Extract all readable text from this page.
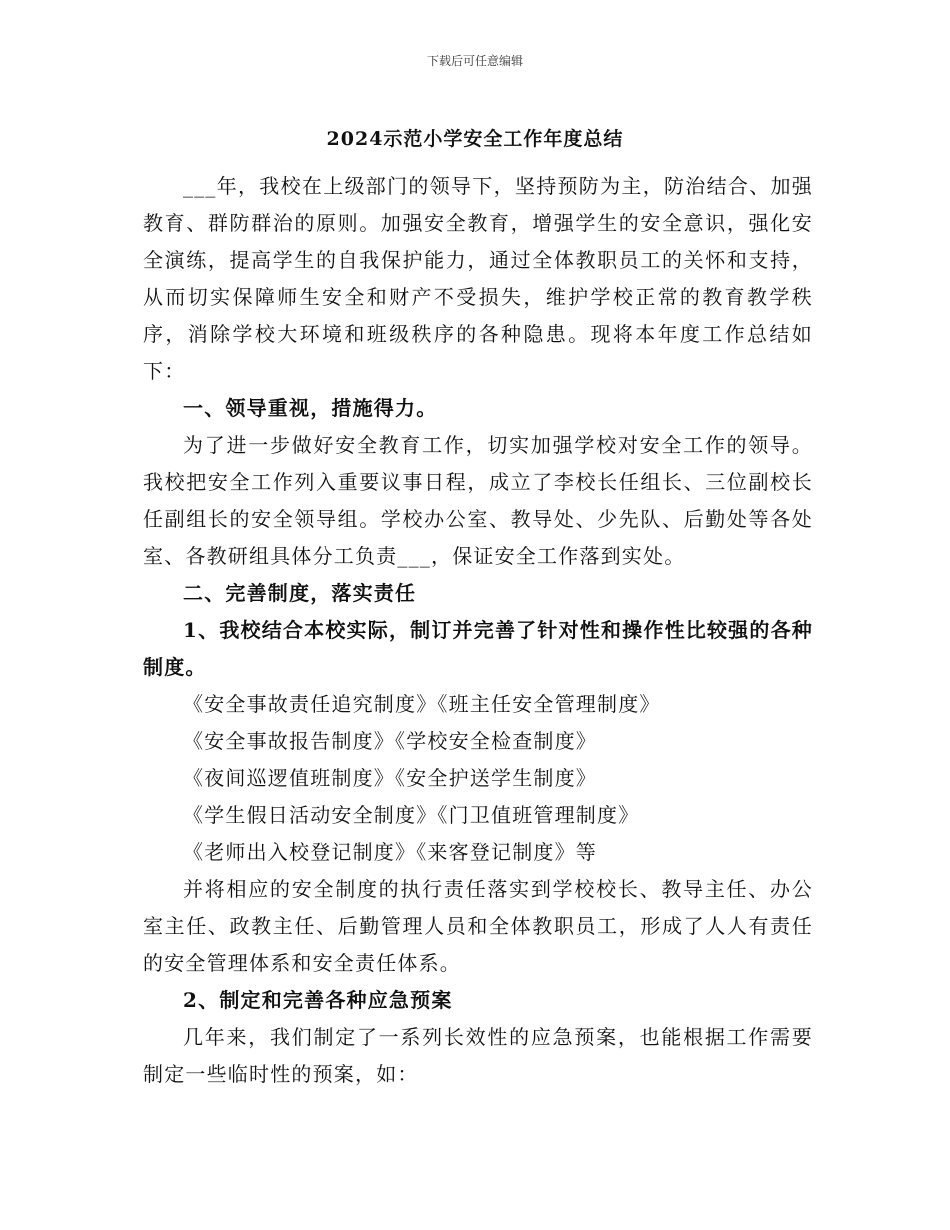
下载后可任意编辑
2024示范小学安全工作年度总结

___年，我校在上级部门的领导下，坚持预防为主，防治结合、加强教育、群防群治的原则。加强安全教育，增强学生的安全意识，强化安全演练，提高学生的自我保护能力，通过全体教职员工的关怀和支持，从而切实保障师生安全和财产不受损失，维护学校正常的教育教学秩序，消除学校大环境和班级秩序的各种隐患。现将本年度工作总结如下：

一、领导重视，措施得力。

为了进一步做好安全教育工作，切实加强学校对安全工作的领导。我校把安全工作列入重要议事日程，成立了李校长任组长、三位副校长任副组长的安全领导组。学校办公室、教导处、少先队、后勤处等各处室、各教研组具体分工负责___，保证安全工作落到实处。

二、完善制度，落实责任

1、我校结合本校实际，制订并完善了针对性和操作性比较强的各种制度。

《安全事故责任追究制度》《班主任安全管理制度》

《安全事故报告制度》《学校安全检查制度》

《夜间巡逻值班制度》《安全护送学生制度》

《学生假日活动安全制度》《门卫值班管理制度》

《老师出入校登记制度》《来客登记制度》等

并将相应的安全制度的执行责任落实到学校校长、教导主任、办公室主任、政教主任、后勤管理人员和全体教职员工，形成了人人有责任的安全管理体系和安全责任体系。

2、制定和完善各种应急预案

几年来，我们制定了一系列长效性的应急预案，也能根据工作需要制定一些临时性的预案，如：
